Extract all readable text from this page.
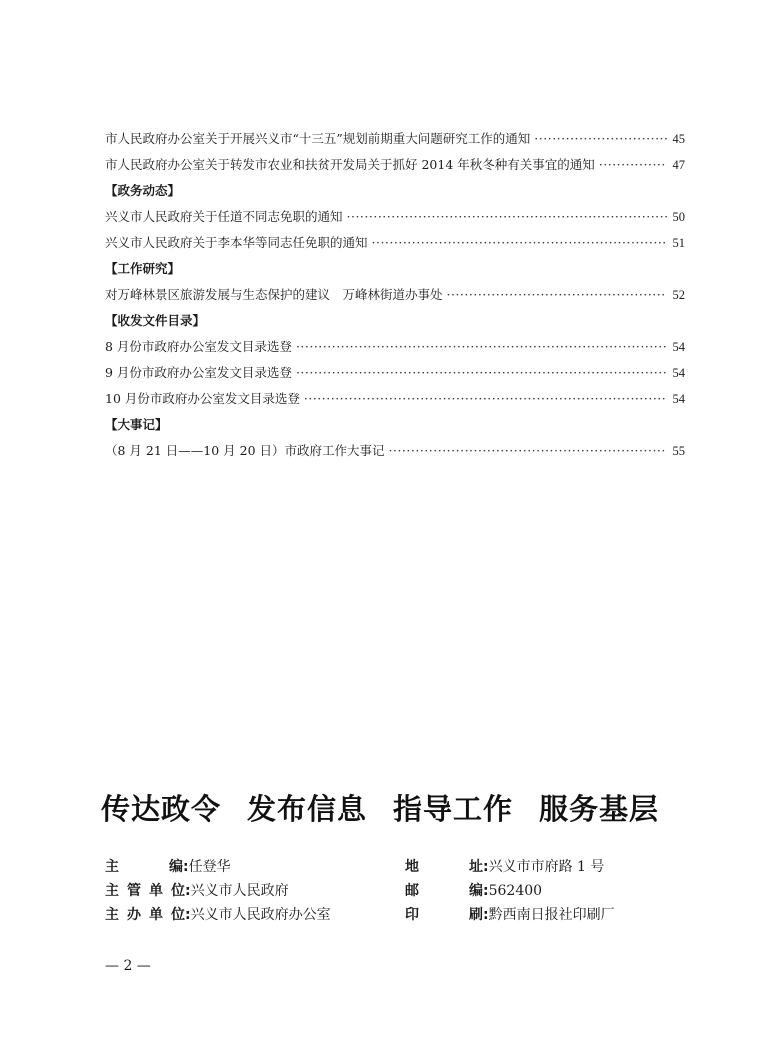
市人民政府办公室关于开展兴义市“十三五”规划前期重大问题研究工作的通知 ·····	45
市人民政府办公室关于转发市农业和扶贫开发局关于抓好 2014 年秋冬种有关事宜的通知 ·····	47
【政务动态】
兴义市人民政府关于任道不同志免职的通知 ·····	50
兴义市人民政府关于李本华等同志任免职的通知 ·····	51
【工作研究】
对万峰林景区旅游发展与生态保护的建议　万峰林街道办事处 ·····	52
【收发文件目录】
8 月份市政府办公室发文目录选登 ·····	54
9 月份市政府办公室发文目录选登 ·····	54
10 月份市政府办公室发文目录选登 ·····	54
【大事记】
（8 月 21 日——10 月 20 日）市政府工作大事记 ·····	55
传达政令 发布信息 指导工作 服务基层
主	编 : 任登华	地	址 : 兴义市市府路 1 号
主 管 单 位 : 兴义市人民政府	邮	编 : 562400
主 办 单 位 : 兴义市人民政府办公室	印	刷 : 黔西南日报社印刷厂
— 2 —
